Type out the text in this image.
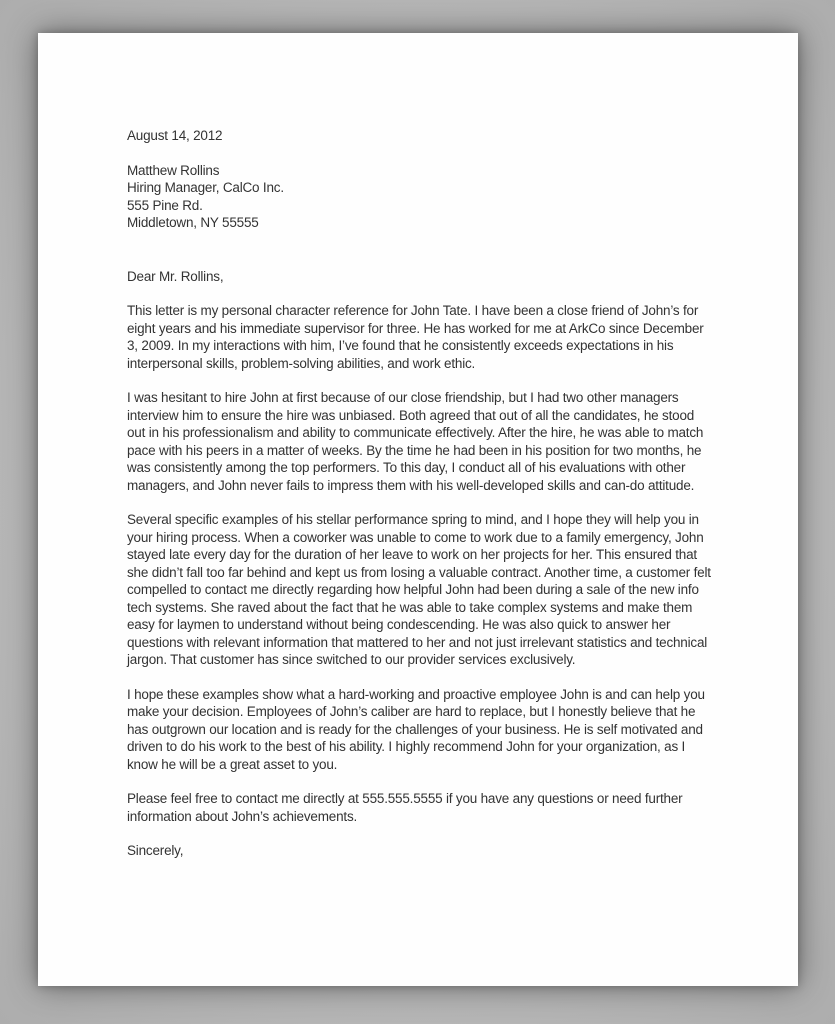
August 14, 2012

Matthew Rollins

Hiring Manager, CalCo Inc.

555 Pine Rd.

Middletown, NY 55555

Dear Mr. Rollins,

This letter is my personal character reference for John Tate. I have been a close friend of John’s for eight years and his immediate supervisor for three. He has worked for me at ArkCo since December 3, 2009. In my interactions with him, I’ve found that he consistently exceeds expectations in his interpersonal skills, problem-solving abilities, and work ethic.

I was hesitant to hire John at first because of our close friendship, but I had two other managers interview him to ensure the hire was unbiased. Both agreed that out of all the candidates, he stood out in his professionalism and ability to communicate effectively. After the hire, he was able to match pace with his peers in a matter of weeks. By the time he had been in his position for two months, he was consistently among the top performers. To this day, I conduct all of his evaluations with other managers, and John never fails to impress them with his well-developed skills and can-do attitude.

Several specific examples of his stellar performance spring to mind, and I hope they will help you in your hiring process. When a coworker was unable to come to work due to a family emergency, John stayed late every day for the duration of her leave to work on her projects for her. This ensured that she didn’t fall too far behind and kept us from losing a valuable contract. Another time, a customer felt compelled to contact me directly regarding how helpful John had been during a sale of the new info tech systems. She raved about the fact that he was able to take complex systems and make them easy for laymen to understand without being condescending. He was also quick to answer her questions with relevant information that mattered to her and not just irrelevant statistics and technical jargon. That customer has since switched to our provider services exclusively.

I hope these examples show what a hard-working and proactive employee John is and can help you make your decision. Employees of John’s caliber are hard to replace, but I honestly believe that he has outgrown our location and is ready for the challenges of your business. He is self motivated and driven to do his work to the best of his ability. I highly recommend John for your organization, as I know he will be a great asset to you.

Please feel free to contact me directly at 555.555.5555 if you have any questions or need further information about John’s achievements.

Sincerely,
